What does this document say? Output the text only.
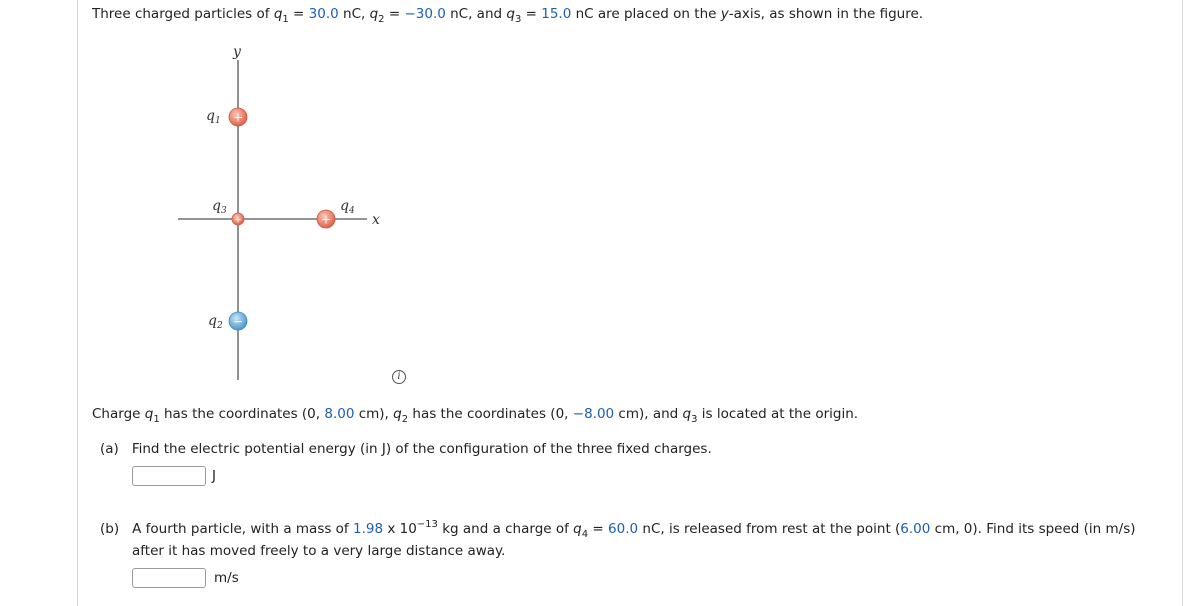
Three charged particles of $q_1 = 30.0$ nC, $q_2 = -30.0$ nC, and $q_3 = 15.0$ nC are placed on the y-axis, as shown in the figure.
y
x
+
$q_1$
+
$q_3$
+
$q_4$
−
$q_2$
i
Charge $q_1$ has the coordinates (0, 8.00 cm), $q_2$ has the coordinates (0, −8.00 cm), and $q_3$ is located at the origin.
(a) Find the electric potential energy (in J) of the configuration of the three fixed charges.
J
(b) A fourth particle, with a mass of 1.98 x $10^{-13}$ kg and a charge of $q_4 = 60.0$ nC, is released from rest at the point (6.00 cm, 0). Find its speed (in m/s)
after it has moved freely to a very large distance away.
m/s
